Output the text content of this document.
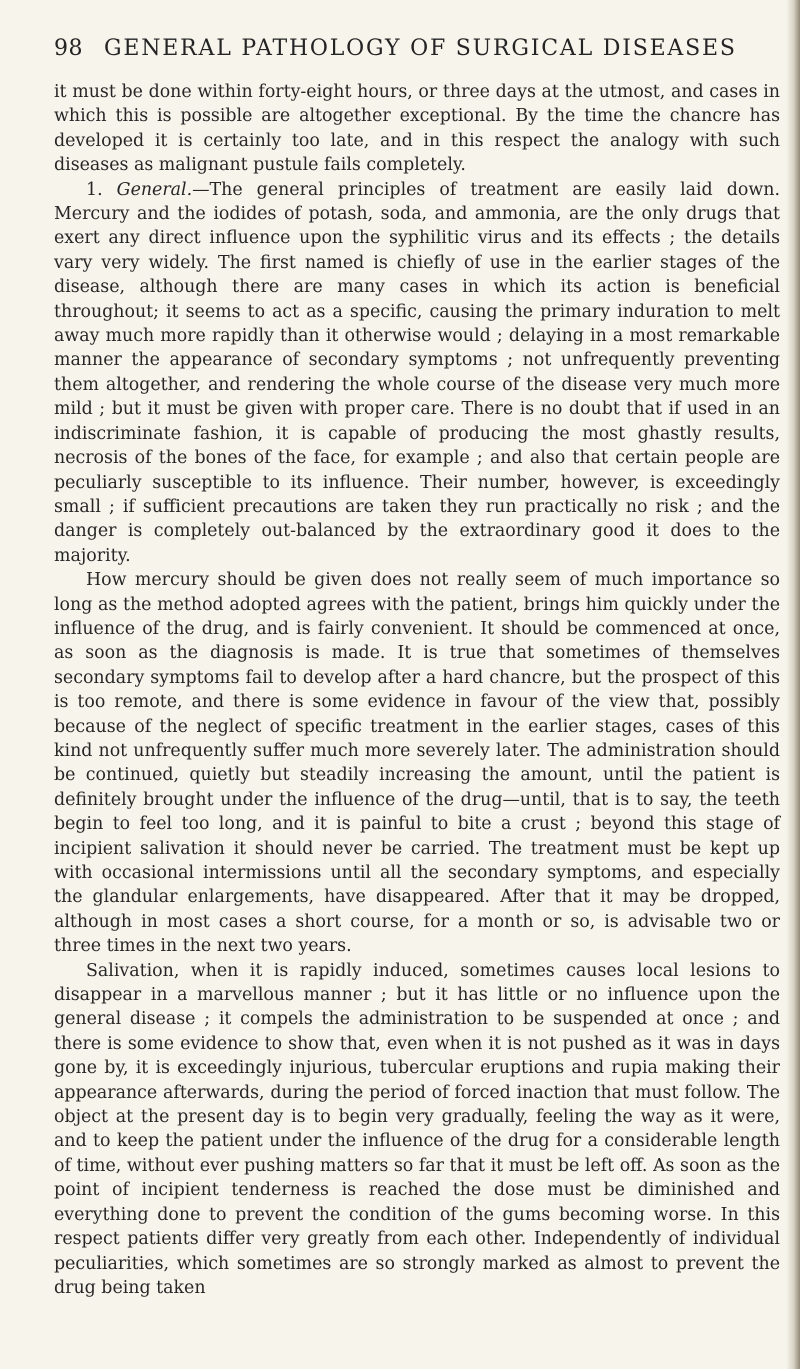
98 GENERAL PATHOLOGY OF SURGICAL DISEASES

it must be done within forty-eight hours, or three days at the utmost, and cases in which this is possible are altogether exceptional. By the time the chancre has developed it is certainly too late, and in this respect the analogy with such diseases as malignant pustule fails completely.

1. General.—The general principles of treatment are easily laid down. Mercury and the iodides of potash, soda, and ammonia, are the only drugs that exert any direct influence upon the syphilitic virus and its effects ; the details vary very widely. The first named is chiefly of use in the earlier stages of the disease, although there are many cases in which its action is beneficial throughout; it seems to act as a specific, causing the primary induration to melt away much more rapidly than it otherwise would ; delaying in a most remarkable manner the appearance of secondary symptoms ; not unfrequently preventing them altogether, and rendering the whole course of the disease very much more mild ; but it must be given with proper care. There is no doubt that if used in an indiscriminate fashion, it is capable of producing the most ghastly results, necrosis of the bones of the face, for example ; and also that certain people are peculiarly susceptible to its influence. Their number, however, is exceedingly small ; if sufficient precautions are taken they run practically no risk ; and the danger is completely out-balanced by the extraordinary good it does to the majority.

How mercury should be given does not really seem of much importance so long as the method adopted agrees with the patient, brings him quickly under the influence of the drug, and is fairly convenient. It should be commenced at once, as soon as the diagnosis is made. It is true that sometimes of themselves secondary symptoms fail to develop after a hard chancre, but the prospect of this is too remote, and there is some evidence in favour of the view that, possibly because of the neglect of specific treatment in the earlier stages, cases of this kind not unfrequently suffer much more severely later. The administration should be continued, quietly but steadily increasing the amount, until the patient is definitely brought under the influence of the drug—until, that is to say, the teeth begin to feel too long, and it is painful to bite a crust ; beyond this stage of incipient salivation it should never be carried. The treatment must be kept up with occasional intermissions until all the secondary symptoms, and especially the glandular enlargements, have disappeared. After that it may be dropped, although in most cases a short course, for a month or so, is advisable two or three times in the next two years.

Salivation, when it is rapidly induced, sometimes causes local lesions to disappear in a marvellous manner ; but it has little or no influence upon the general disease ; it compels the administration to be suspended at once ; and there is some evidence to show that, even when it is not pushed as it was in days gone by, it is exceedingly injurious, tubercular eruptions and rupia making their appearance afterwards, during the period of forced inaction that must follow. The object at the present day is to begin very gradually, feeling the way as it were, and to keep the patient under the influence of the drug for a considerable length of time, without ever pushing matters so far that it must be left off. As soon as the point of incipient tenderness is reached the dose must be diminished and everything done to prevent the condition of the gums becoming worse. In this respect patients differ very greatly from each other. Independently of individual peculiarities, which sometimes are so strongly marked as almost to prevent the drug being taken
